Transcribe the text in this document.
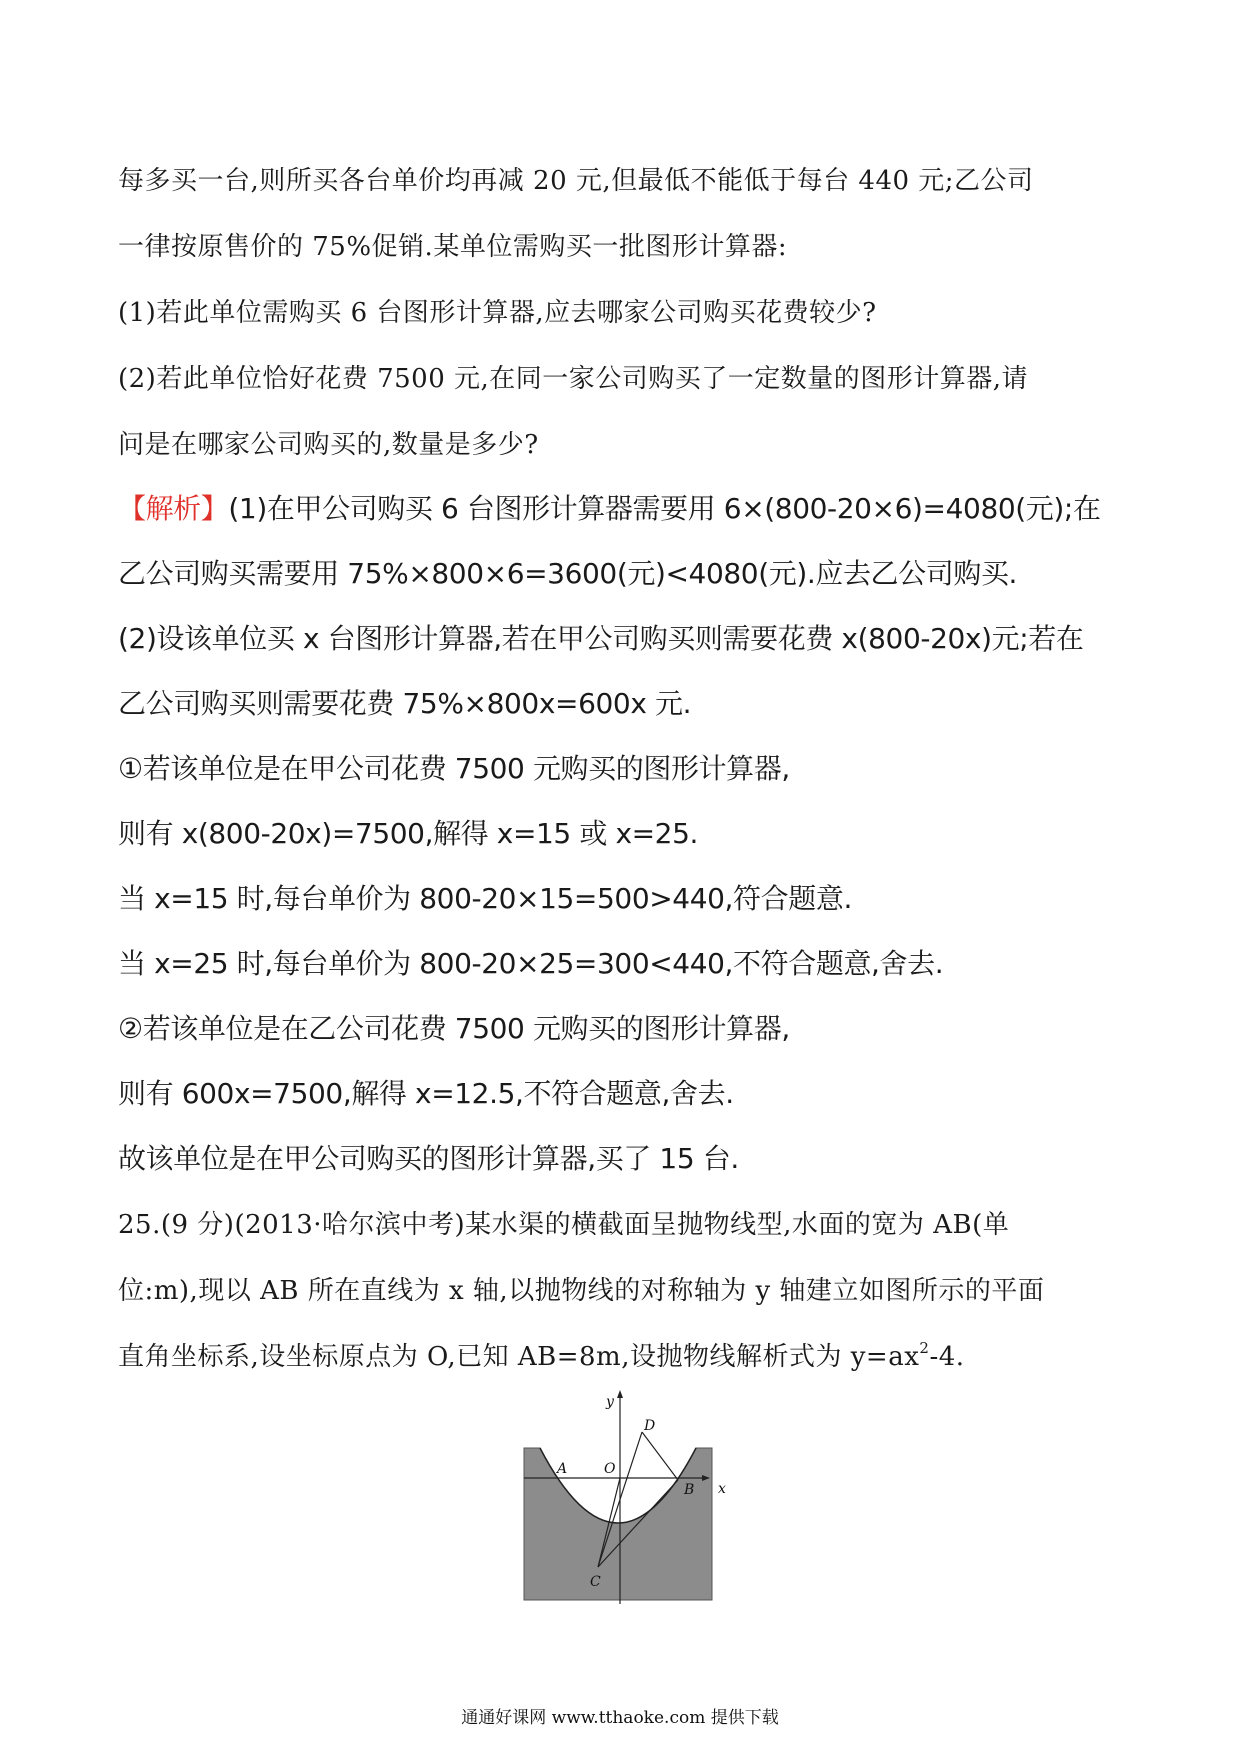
每多买一台,则所买各台单价均再减 20 元,但最低不能低于每台 440 元;乙公司
一律按原售价的 75%促销.某单位需购买一批图形计算器:
(1)若此单位需购买 6 台图形计算器,应去哪家公司购买花费较少?
(2)若此单位恰好花费 7500 元,在同一家公司购买了一定数量的图形计算器,请
问是在哪家公司购买的,数量是多少?
【解析】(1)在甲公司购买 6 台图形计算器需要用 6×(800-20×6)=4080(元);在
乙公司购买需要用 75%×800×6=3600(元)<4080(元).应去乙公司购买.
(2)设该单位买 x 台图形计算器,若在甲公司购买则需要花费 x(800-20x)元;若在
乙公司购买则需要花费 75%×800x=600x 元.
①若该单位是在甲公司花费 7500 元购买的图形计算器,
则有 x(800-20x)=7500,解得 x=15 或 x=25.
当 x=15 时,每台单价为 800-20×15=500>440,符合题意.
当 x=25 时,每台单价为 800-20×25=300<440,不符合题意,舍去.
②若该单位是在乙公司花费 7500 元购买的图形计算器,
则有 600x=7500,解得 x=12.5,不符合题意,舍去.
故该单位是在甲公司购买的图形计算器,买了 15 台.
25.(9 分)(2013·哈尔滨中考)某水渠的横截面呈抛物线型,水面的宽为 AB(单
位:m),现以 AB 所在直线为 x 轴,以抛物线的对称轴为 y 轴建立如图所示的平面
直角坐标系,设坐标原点为 O,已知 AB=8m,设抛物线解析式为 $y=ax^2-4$.
y
x
A	O
B
C
D
通通好课网 www.tthaoke.com 提供下载
